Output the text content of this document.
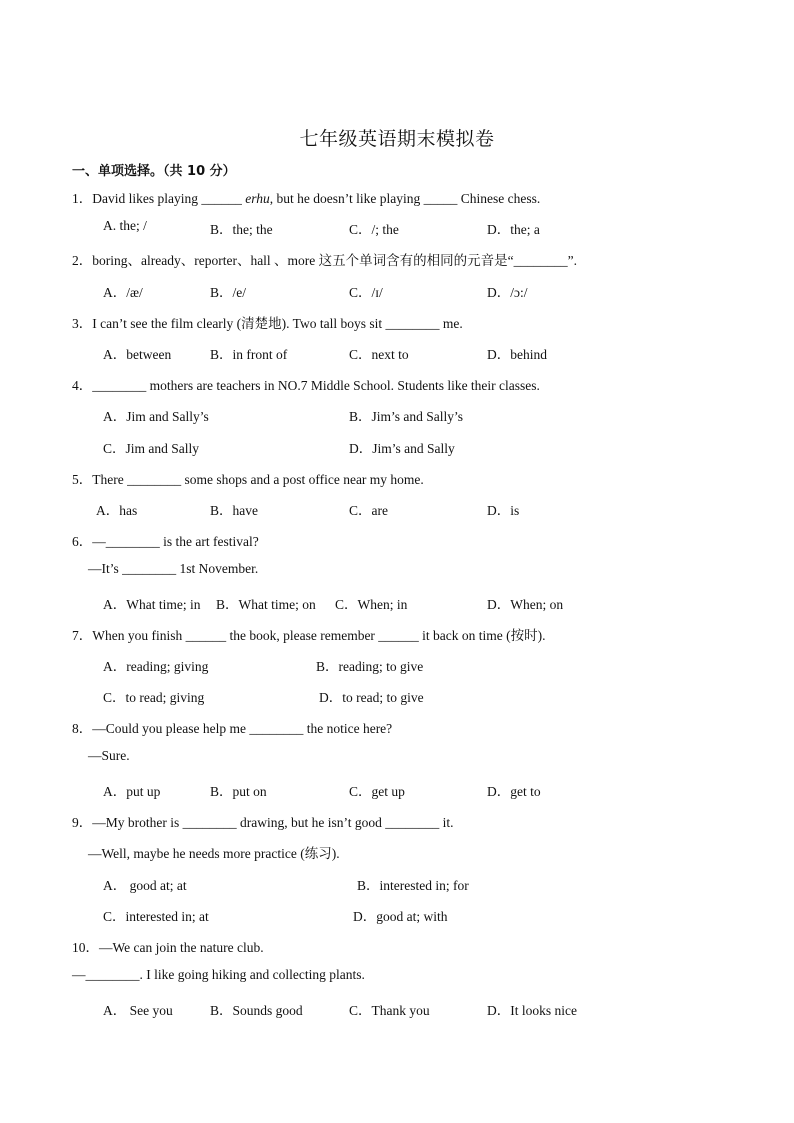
七年级英语期末模拟卷
一、单项选择。（共 10 分）
1．David likes playing ______ erhu, but he doesn’t like playing _____ Chinese chess.
A. the; /	B．the; the	C．/; the	D．the; a
2．boring、already、reporter、hall 、more 这五个单词含有的相同的元音是“________”.
A．/æ/	B．/e/	C．/ɪ/	D．/ɔ:/
3．I can’t see the film clearly (清楚地). Two tall boys sit ________ me.
A．between	B．in front of	C．next to	D．behind
4．________ mothers are teachers in NO.7 Middle School. Students like their classes.
A．Jim and Sally’s	B．Jim’s and Sally’s
C．Jim and Sally	D．Jim’s and Sally
5．There ________ some shops and a post office near my home.
A．has	B．have	C．are	D．is
6．—________ is the art festival?
—It’s ________ 1st November.
A．What time; in B．What time; on C．When; in	D．When; on
7．When you finish ______ the book, please remember ______ it back on time (按时).
A．reading; giving	B．reading; to give
C．to read; giving	D．to read; to give
8．—Could you please help me ________ the notice here?
—Sure.
A．put up	B．put on	C．get up	D．get to
9．—My brother is ________ drawing, but he isn’t good ________ it.
—Well, maybe he needs more practice (练习).
A． good at; at	B．interested in; for
C．interested in; at	D．good at; with
10．—We can join the nature club.
—________. I like going hiking and collecting plants.
A． See you	B．Sounds good	C．Thank you	D．It looks nice
